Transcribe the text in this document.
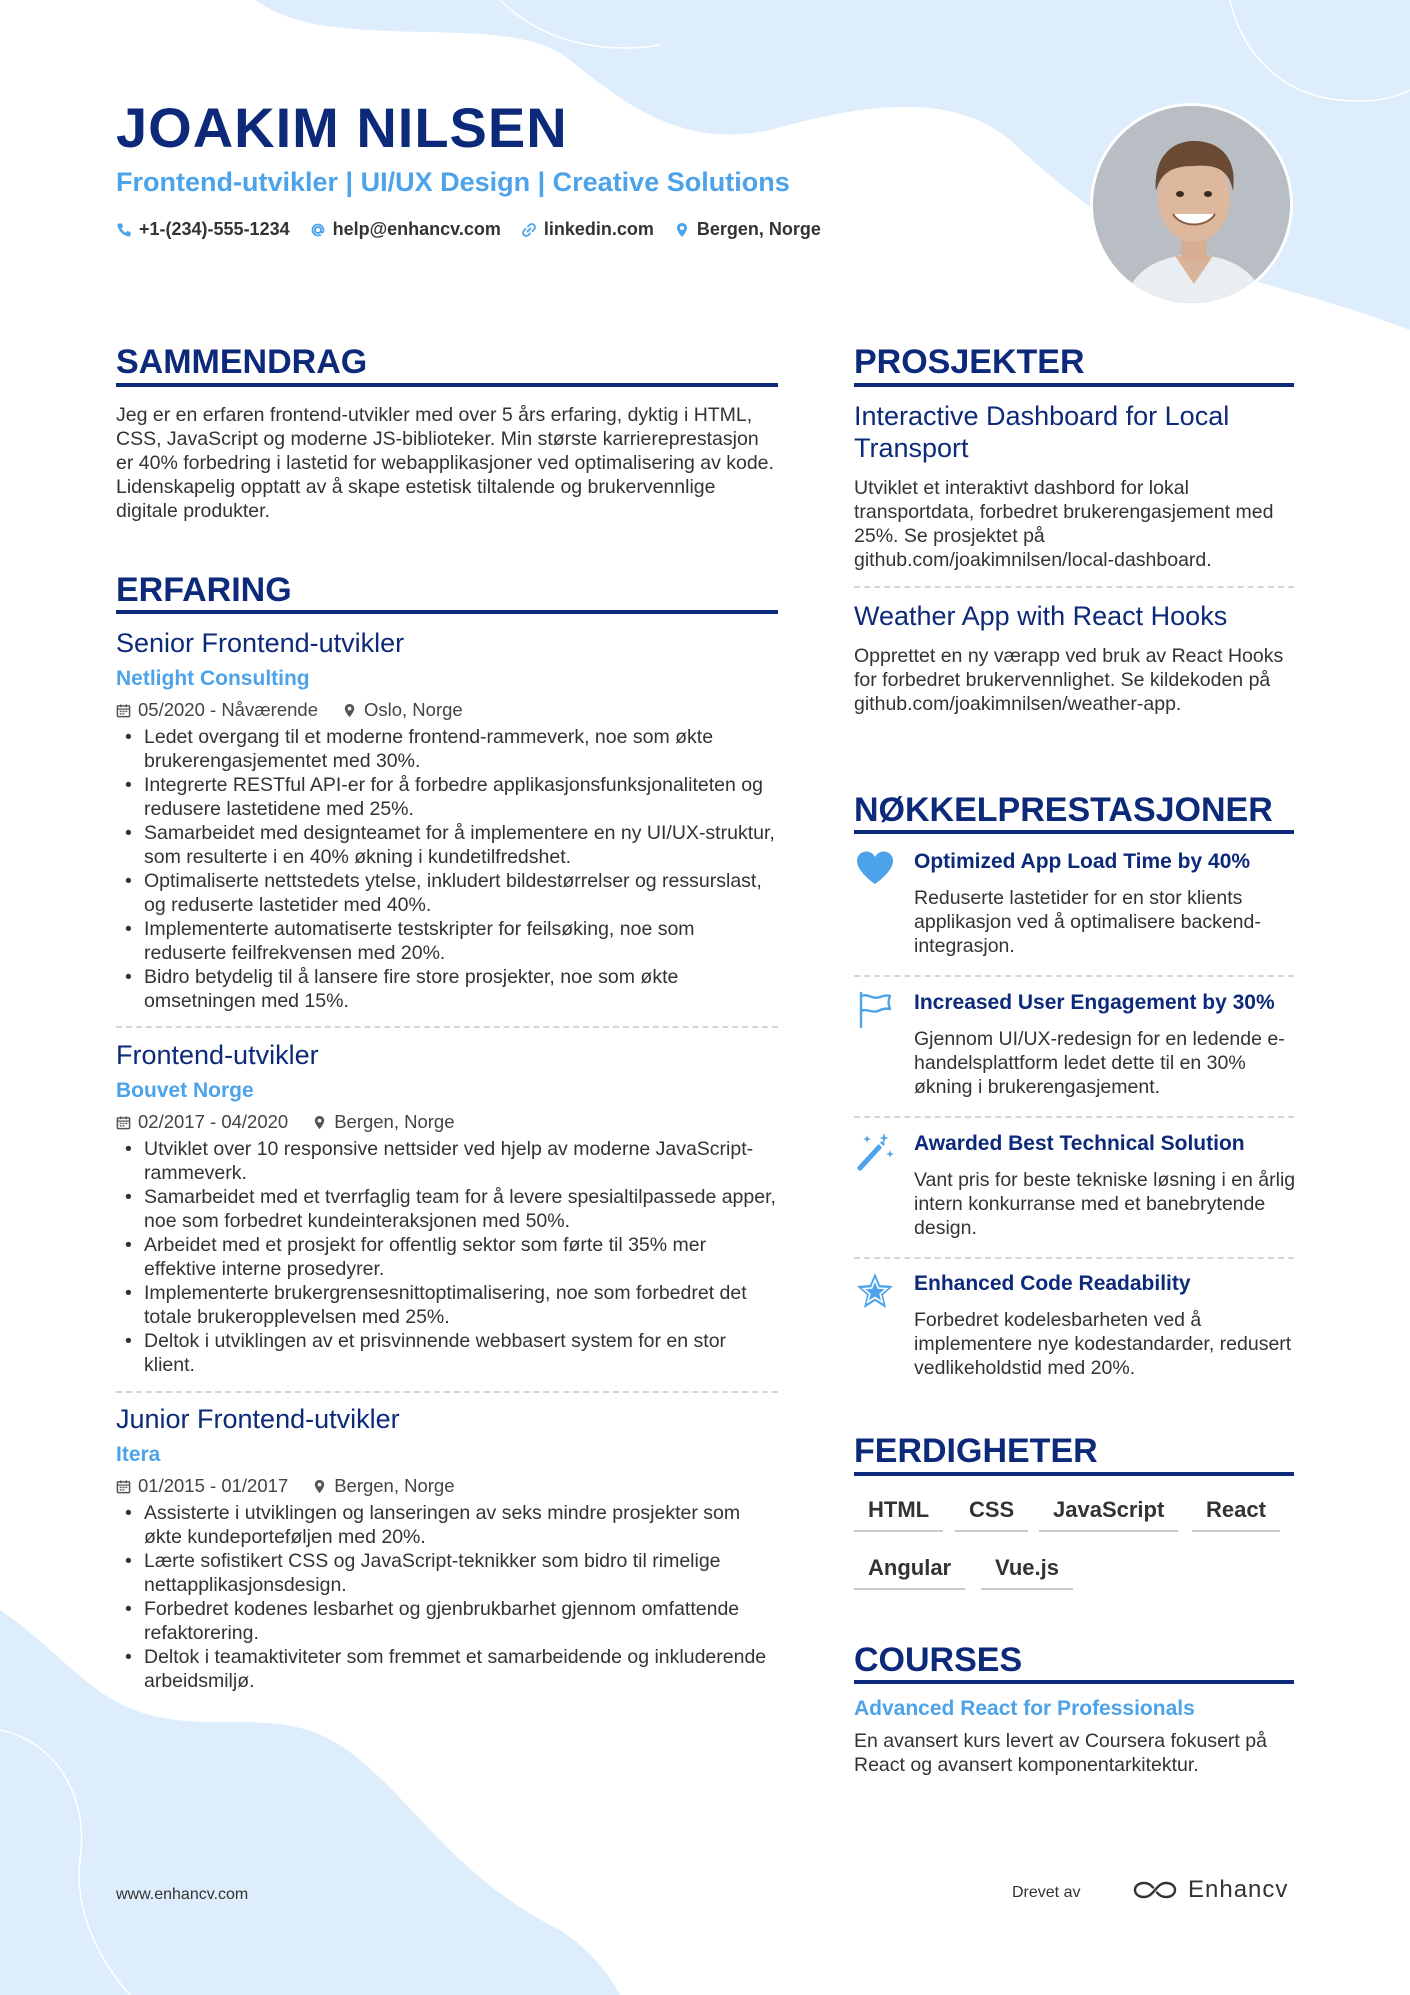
JOAKIM NILSEN
Frontend-utvikler | UI/UX Design | Creative Solutions
+1-(234)-555-1234 help@enhancv.com linkedin.com Bergen, Norge
SAMMENDRAG
Jeg er en erfaren frontend-utvikler med over 5 års erfaring, dyktig i HTML, CSS, JavaScript og moderne JS-biblioteker. Min største karriereprestasjon er 40% forbedring i lastetid for webapplikasjoner ved optimalisering av kode. Lidenskapelig opptatt av å skape estetisk tiltalende og brukervennlige digitale produkter.
ERFARING
Senior Frontend-utvikler
Netlight Consulting
05/2020 - Nåværende Oslo, Norge
• Ledet overgang til et moderne frontend-rammeverk, noe som økte brukerengasjementet med 30%.
• Integrerte RESTful API-er for å forbedre applikasjonsfunksjonaliteten og redusere lastetidene med 25%.
• Samarbeidet med designteamet for å implementere en ny UI/UX-struktur, som resulterte i en 40% økning i kundetilfredshet.
• Optimaliserte nettstedets ytelse, inkludert bildestørrelser og ressurslast, og reduserte lastetider med 40%.
• Implementerte automatiserte testskripter for feilsøking, noe som reduserte feilfrekvensen med 20%.
• Bidro betydelig til å lansere fire store prosjekter, noe som økte omsetningen med 15%.
Frontend-utvikler
Bouvet Norge
02/2017 - 04/2020 Bergen, Norge
• Utviklet over 10 responsive nettsider ved hjelp av moderne JavaScript-rammeverk.
• Samarbeidet med et tverrfaglig team for å levere spesialtilpassede apper, noe som forbedret kundeinteraksjonen med 50%.
• Arbeidet med et prosjekt for offentlig sektor som førte til 35% mer effektive interne prosedyrer.
• Implementerte brukergrensesnittoptimalisering, noe som forbedret det totale brukeropplevelsen med 25%.
• Deltok i utviklingen av et prisvinnende webbasert system for en stor klient.
Junior Frontend-utvikler
Itera
01/2015 - 01/2017 Bergen, Norge
• Assisterte i utviklingen og lanseringen av seks mindre prosjekter som økte kundeporteføljen med 20%.
• Lærte sofistikert CSS og JavaScript-teknikker som bidro til rimelige nettapplikasjonsdesign.
• Forbedret kodenes lesbarhet og gjenbrukbarhet gjennom omfattende refaktorering.
• Deltok i teamaktiviteter som fremmet et samarbeidende og inkluderende arbeidsmiljø.
PROSJEKTER
Interactive Dashboard for Local Transport
Utviklet et interaktivt dashbord for lokal transportdata, forbedret brukerengasjement med 25%. Se prosjektet på github.com/joakimnilsen/local-dashboard.
Weather App with React Hooks
Opprettet en ny værapp ved bruk av React Hooks for forbedret brukervennlighet. Se kildekoden på github.com/joakimnilsen/weather-app.
NØKKELPRESTASJONER
Optimized App Load Time by 40%
Reduserte lastetider for en stor klients applikasjon ved å optimalisere backend-integrasjon.
Increased User Engagement by 30%
Gjennom UI/UX-redesign for en ledende e-handelsplattform ledet dette til en 30% økning i brukerengasjement.
Awarded Best Technical Solution
Vant pris for beste tekniske løsning i en årlig intern konkurranse med et banebrytende design.
Enhanced Code Readability
Forbedret kodelesbarheten ved å implementere nye kodestandarder, redusert vedlikeholdstid med 20%.
FERDIGHETER
HTML	CSS	JavaScript	React
Angular	Vue.js
COURSES
Advanced React for Professionals
En avansert kurs levert av Coursera fokusert på React og avansert komponentarkitektur.
www.enhancv.com	Drevet av	Enhancv
